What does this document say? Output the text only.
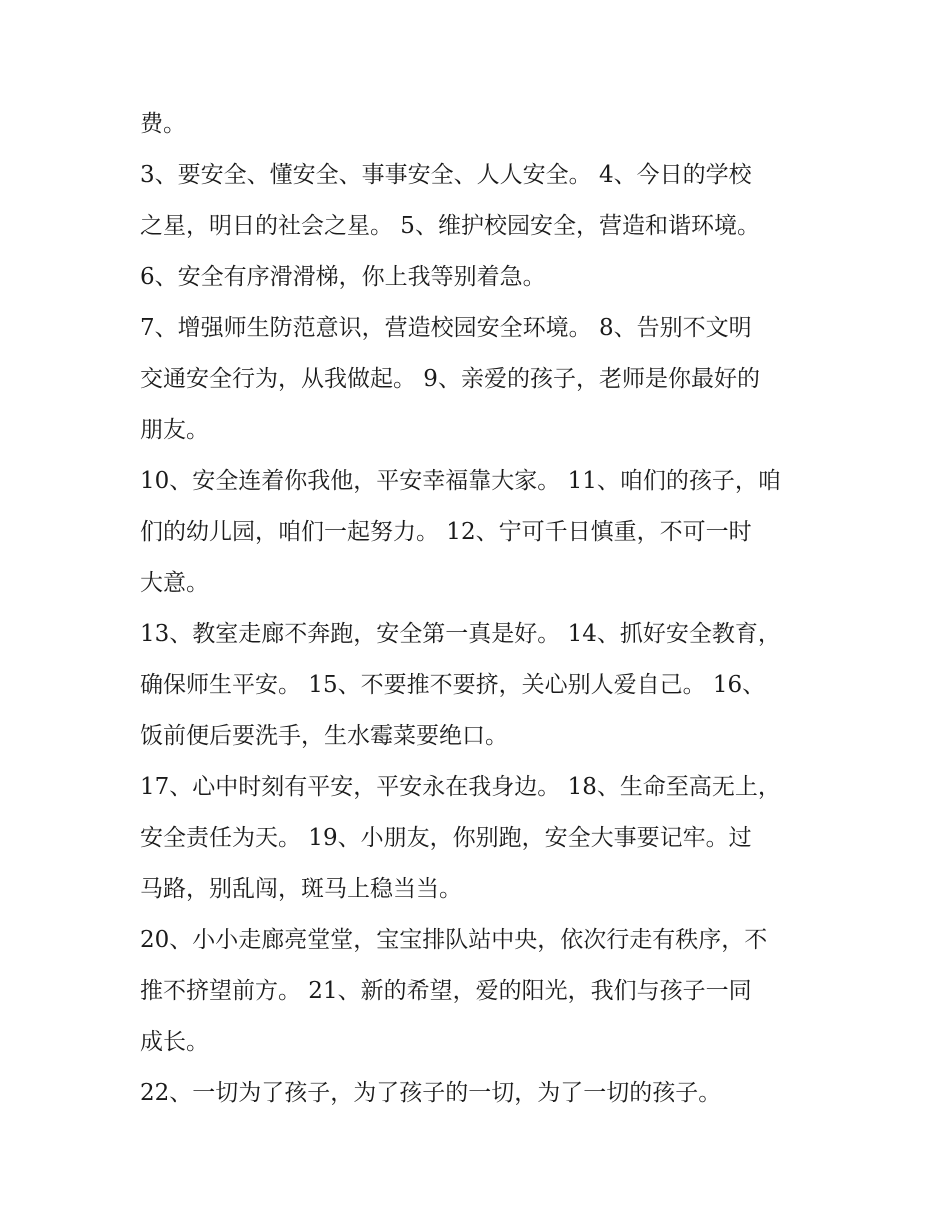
费。
3、要安全、懂安全、事事安全、人人安全。 4、今日的学校
之星，明日的社会之星。 5、维护校园安全，营造和谐环境。
6、安全有序滑滑梯，你上我等别着急。
7、增强师生防范意识，营造校园安全环境。 8、告别不文明
交通安全行为，从我做起。 9、亲爱的孩子，老师是你最好的
朋友。
10、安全连着你我他，平安幸福靠大家。 11、咱们的孩子，咱
们的幼儿园，咱们一起努力。 12、宁可千日慎重，不可一时
大意。
13、教室走廊不奔跑，安全第一真是好。 14、抓好安全教育，
确保师生平安。 15、不要推不要挤，关心别人爱自己。 16、
饭前便后要洗手，生水霉菜要绝口。
17、心中时刻有平安，平安永在我身边。 18、生命至高无上，
安全责任为天。 19、小朋友，你别跑，安全大事要记牢。过
马路，别乱闯，斑马上稳当当。
20、小小走廊亮堂堂，宝宝排队站中央，依次行走有秩序，不
推不挤望前方。 21、新的希望，爱的阳光，我们与孩子一同
成长。
22、一切为了孩子，为了孩子的一切，为了一切的孩子。
